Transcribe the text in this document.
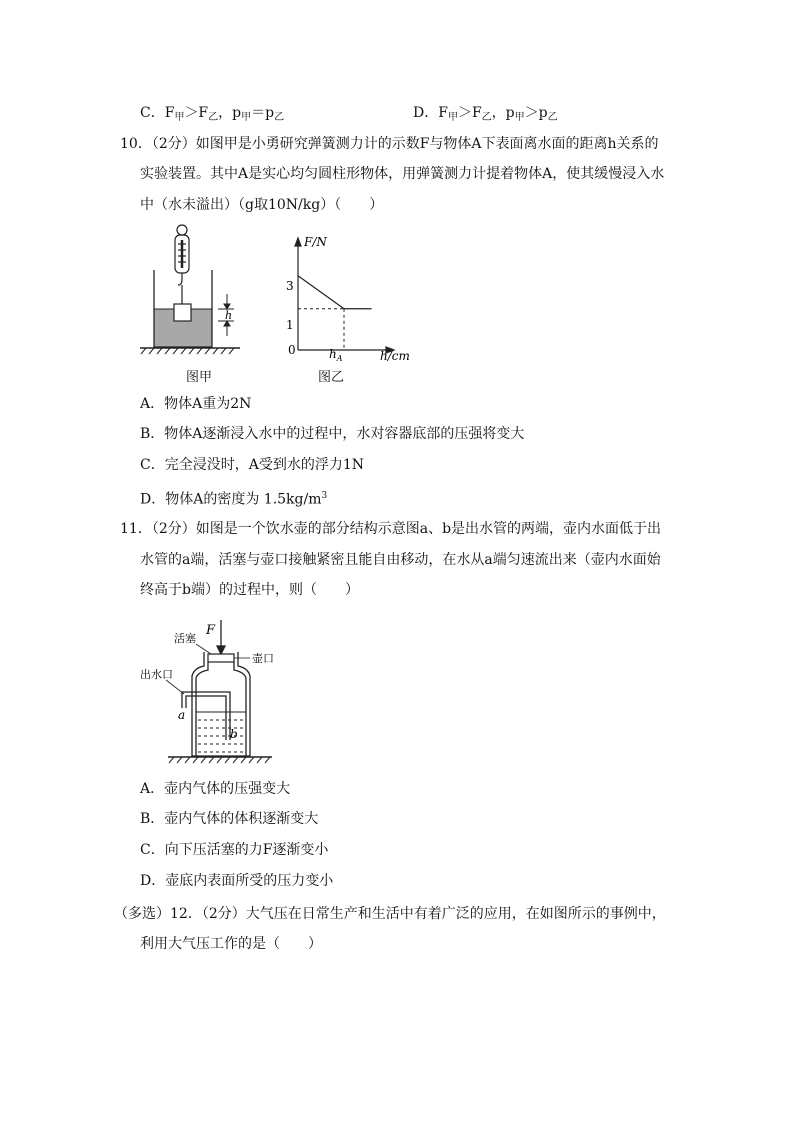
C．$F_甲>F_乙$，$p_甲=p_乙$	D．$F_甲>F_乙$，$p_甲>p_乙$
10．（2分）如图甲是小勇研究弹簧测力计的示数F与物体A下表面离水面的距离h关系的
实验装置。其中A是实心均匀圆柱形物体，用弹簧测力计提着物体A，使其缓慢浸入水
中（水未溢出）（g取10N/kg）（　　）
h
图甲
F/N
h/cm
0
3
1
$h_A$
图乙
A．物体A重为2N
B．物体A逐渐浸入水中的过程中，水对容器底部的压强将变大
C．完全浸没时，A受到水的浮力1N
D．物体A的密度为 $1.5kg/m^3$
11．（2分）如图是一个饮水壶的部分结构示意图a、b是出水管的两端，壶内水面低于出
水管的a端，活塞与壶口接触紧密且能自由移动，在水从a端匀速流出来（壶内水面始
终高于b端）的过程中，则（　　）
F
活塞
壶口
出水口
a
b
A．壶内气体的压强变大
B．壶内气体的体积逐渐变大
C．向下压活塞的力F逐渐变小
D．壶底内表面所受的压力变小
（多选）12．（2分）大气压在日常生产和生活中有着广泛的应用，在如图所示的事例中，
利用大气压工作的是（　　）
